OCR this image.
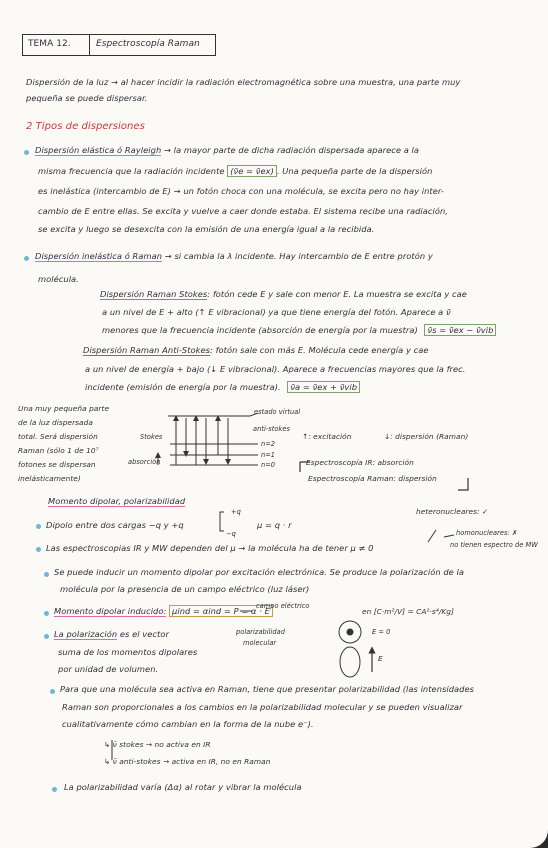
TEMA 12.	Espectroscopía Raman
Dispersión de la luz → al hacer incidir la radiación electromagnética sobre una muestra, una parte muy
pequeña se puede dispersar.
2 Tipos de dispersiones
Dispersión elástica ó Rayleigh → la mayor parte de dicha radiación dispersada aparece a la
misma frecuencia que la radiación incidente (ν̄e = ν̄ex) . Una pequeña parte de la dispersión
es inelástica (intercambio de E) → un fotón choca con una molécula, se excita pero no hay inter-
cambio de E entre ellas. Se excita y vuelve a caer donde estaba. El sistema recibe una radiación,
se excita y luego se desexcita con la emisión de una energía igual a la recibida.
Dispersión inelástica ó Raman → si cambia la λ incidente. Hay intercambio de E entre protón y
molécula.
Dispersión Raman Stokes: fotón cede E y sale con menor E. La muestra se excita y cae
a un nivel de E + alto (↑ E vibracional) ya que tiene energía del fotón. Aparece a ν̄
menores que la frecuencia incidente (absorción de energía por la muestra) ν̄s = ν̄ex − ν̄vib
Dispersión Raman Anti-Stokes: fotón sale con más E. Molécula cede energía y cae
a un nivel de energía + bajo (↓ E vibracional). Aparece a frecuencias mayores que la frec.
incidente (emisión de energía por la muestra). ν̄a = ν̄ex + ν̄vib
Una muy pequeña parte
de la luz dispersada
total. Será dispersión
Raman (sólo 1 de 10⁷
fotones se dispersan
inelásticamente)
estado virtual
Stokes
anti-stokes
n=2
n=1
n=0
absorción
↑: excitación	↓: dispersión (Raman)
Espectroscopía IR: absorción
Espectroscopía Raman: dispersión
Momento dipolar, polarizabilidad
heteronucleares: ✓
homonucleares: ✗
no tienen espectro de MW
Dipolo entre dos cargas −q y +q
+q
−q
μ = q · r
Las espectroscopias IR y MW dependen del μ → la molécula ha de tener μ ≠ 0
Se puede inducir un momento dipolar por excitación electrónica. Se produce la polarización de la
molécula por la presencia de un campo eléctrico (luz láser)
Momento dipolar inducido: μind = αind = P = α · E
campo eléctrico
en [C·m²/V] = CA²·s⁴/Kg]
polarizabilidad
molecular
E = 0
E
La polarización es el vector
suma de los momentos dipolares
por unidad de volumen.
Para que una molécula sea activa en Raman, tiene que presentar polarizabilidad (las intensidades
Raman son proporcionales a los cambios en la polarizabilidad molecular y se pueden visualizar
cualitativamente cómo cambian en la forma de la nube e⁻).
↳ ν̄ stokes → no activa en IR
↳ ν̄ anti-stokes → activa en IR, no en Raman
La polarizabilidad varía (Δα) al rotar y vibrar la molécula
